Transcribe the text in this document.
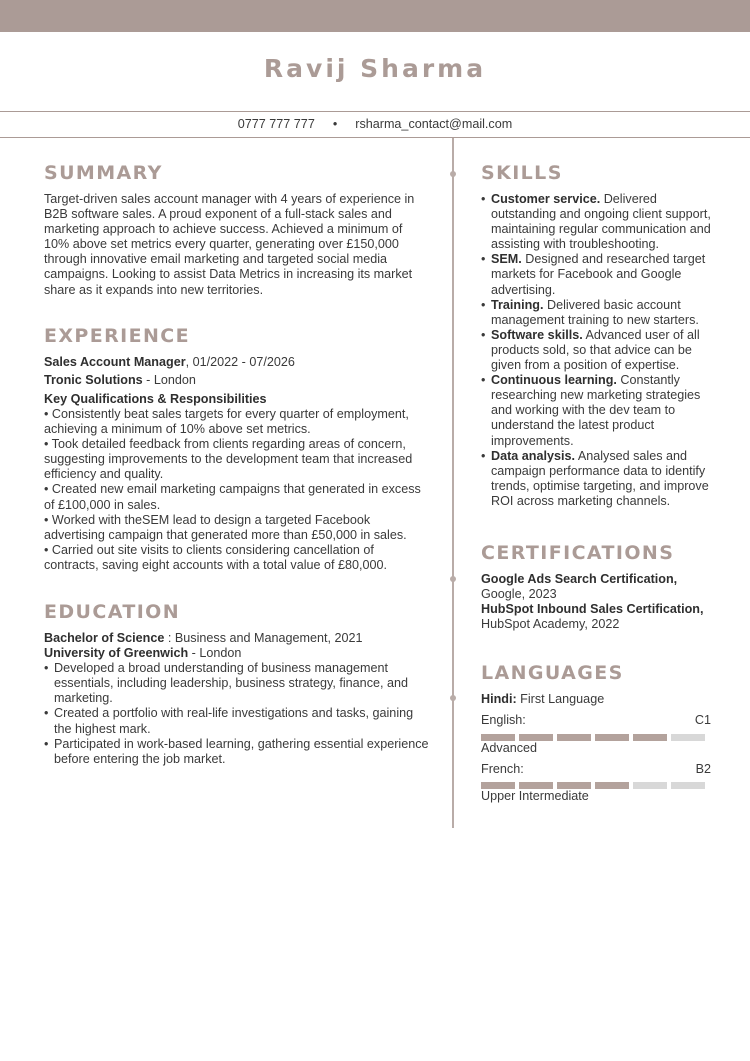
Ravij Sharma
0777 777 777 • rsharma_contact@mail.com
SUMMARY

Target-driven sales account manager with 4 years of experience in B2B software sales. A proud exponent of a full-stack sales and marketing approach to achieve success. Achieved a minimum of 10% above set metrics every quarter, generating over £150,000 through innovative email marketing and targeted social media campaigns. Looking to assist Data Metrics in increasing its market share as it expands into new territories.

EXPERIENCE

Sales Account Manager, 01/2022 - 07/2026

Tronic Solutions - London

Key Qualifications & Responsibilities

• Consistently beat sales targets for every quarter of employment, achieving a minimum of 10% above set metrics.

• Took detailed feedback from clients regarding areas of concern, suggesting improvements to the development team that increased efficiency and quality.

• Created new email marketing campaigns that generated in excess of £100,000 in sales.

• Worked with theSEM lead to design a targeted Facebook advertising campaign that generated more than £50,000 in sales.

• Carried out site visits to clients considering cancellation of contracts, saving eight accounts with a total value of £80,000.

EDUCATION

Bachelor of Science : Business and Management, 2021

University of Greenwich - London

• Developed a broad understanding of business management essentials, including leadership, business strategy, finance, and marketing.
• Created a portfolio with real-life investigations and tasks, gaining the highest mark.
• Participated in work-based learning, gathering essential experience before entering the job market.
SKILLS
• Customer service. Delivered outstanding and ongoing client support, maintaining regular communication and assisting with troubleshooting.
• SEM. Designed and researched target markets for Facebook and Google advertising.
• Training. Delivered basic account management training to new starters.
• Software skills. Advanced user of all products sold, so that advice can be given from a position of expertise.
• Continuous learning. Constantly researching new marketing strategies and working with the dev team to understand the latest product improvements.
• Data analysis. Analysed sales and campaign performance data to identify trends, optimise targeting, and improve ROI across marketing channels.
CERTIFICATIONS

Google Ads Search Certification,

Google, 2023

HubSpot Inbound Sales Certification,

HubSpot Academy, 2022

LANGUAGES

Hindi: First Language

English:	C1

Advanced

French:	B2

Upper Intermediate
